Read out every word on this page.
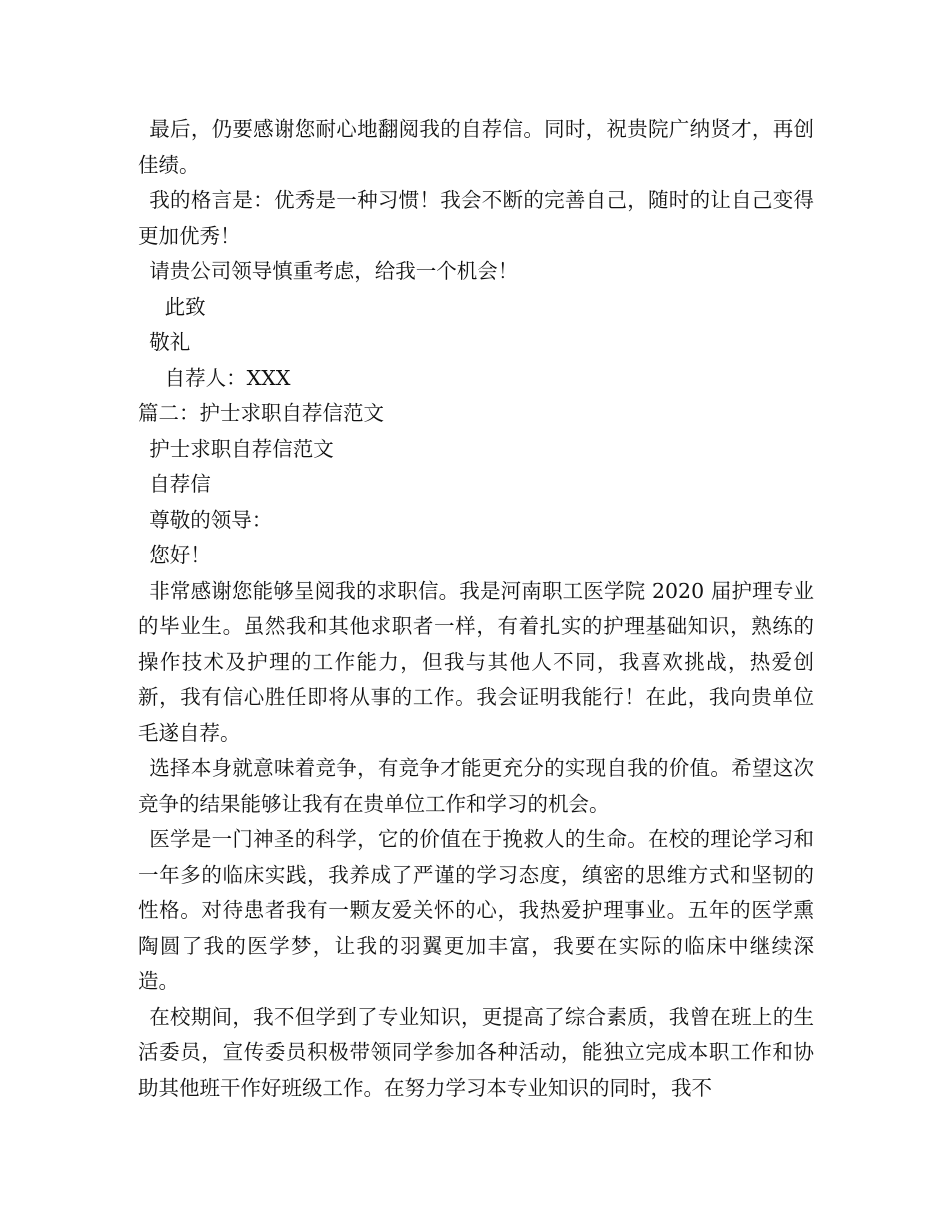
最后，仍要感谢您耐心地翻阅我的自荐信。同时，祝贵院广纳贤才，再创佳绩。

我的格言是：优秀是一种习惯！我会不断的完善自己，随时的让自己变得更加优秀！

请贵公司领导慎重考虑，给我一个机会！

此致

敬礼

自荐人：XXX

篇二：护士求职自荐信范文

护士求职自荐信范文

自荐信

尊敬的领导：

您好！

非常感谢您能够呈阅我的求职信。我是河南职工医学院 2020 届护理专业的毕业生。虽然我和其他求职者一样，有着扎实的护理基础知识，熟练的操作技术及护理的工作能力，但我与其他人不同，我喜欢挑战，热爱创新，我有信心胜任即将从事的工作。我会证明我能行！在此，我向贵单位毛遂自荐。

选择本身就意味着竞争，有竞争才能更充分的实现自我的价值。希望这次竞争的结果能够让我有在贵单位工作和学习的机会。

医学是一门神圣的科学，它的价值在于挽救人的生命。在校的理论学习和一年多的临床实践，我养成了严谨的学习态度，缜密的思维方式和坚韧的性格。对待患者我有一颗友爱关怀的心，我热爱护理事业。五年的医学熏陶圆了我的医学梦，让我的羽翼更加丰富，我要在实际的临床中继续深造。

在校期间，我不但学到了专业知识，更提高了综合素质，我曾在班上的生活委员，宣传委员积极带领同学参加各种活动，能独立完成本职工作和协助其他班干作好班级工作。在努力学习本专业知识的同时，我不
